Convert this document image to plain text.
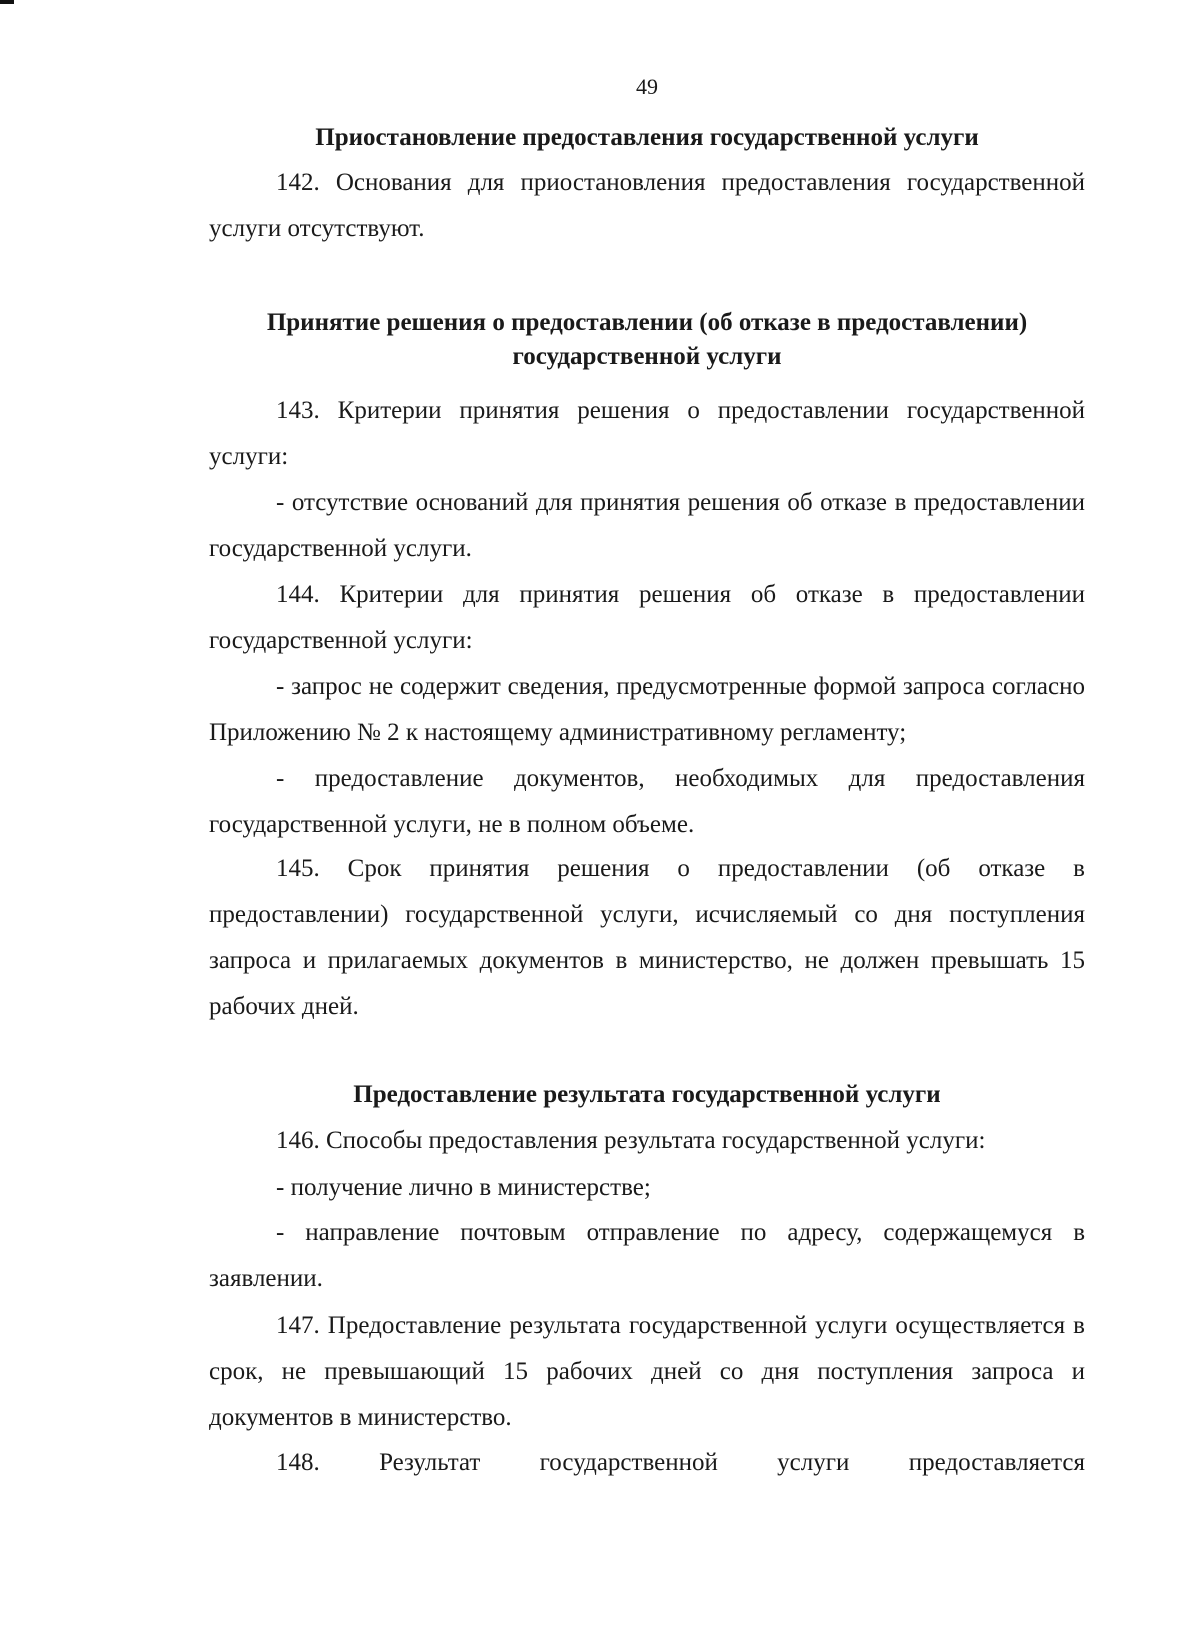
49
Приостановление предоставления государственной услуги

142. Основания для приостановления предоставления государственной услуги отсутствуют.

Принятие решения о предоставлении (об отказе в предоставлении)
государственной услуги

143. Критерии принятия решения о предоставлении государственной услуги:

- отсутствие оснований для принятия решения об отказе в предоставлении государственной услуги.

144. Критерии для принятия решения об отказе в предоставлении государственной услуги:

- запрос не содержит сведения, предусмотренные формой запроса согласно Приложению № 2 к настоящему административному регламенту;

- предоставление документов, необходимых для предоставления государственной услуги, не в полном объеме.

145. Срок принятия решения о предоставлении (об отказе в предоставлении) государственной услуги, исчисляемый со дня поступления запроса и прилагаемых документов в министерство, не должен превышать 15 рабочих дней.

Предоставление результата государственной услуги

146. Способы предоставления результата государственной услуги:

- получение лично в министерстве;

- направление почтовым отправление по адресу, содержащемуся в заявлении.

147. Предоставление результата государственной услуги осуществляется в срок, не превышающий 15 рабочих дней со дня поступления запроса и документов в министерство.

148. Результат государственной услуги предоставляется
